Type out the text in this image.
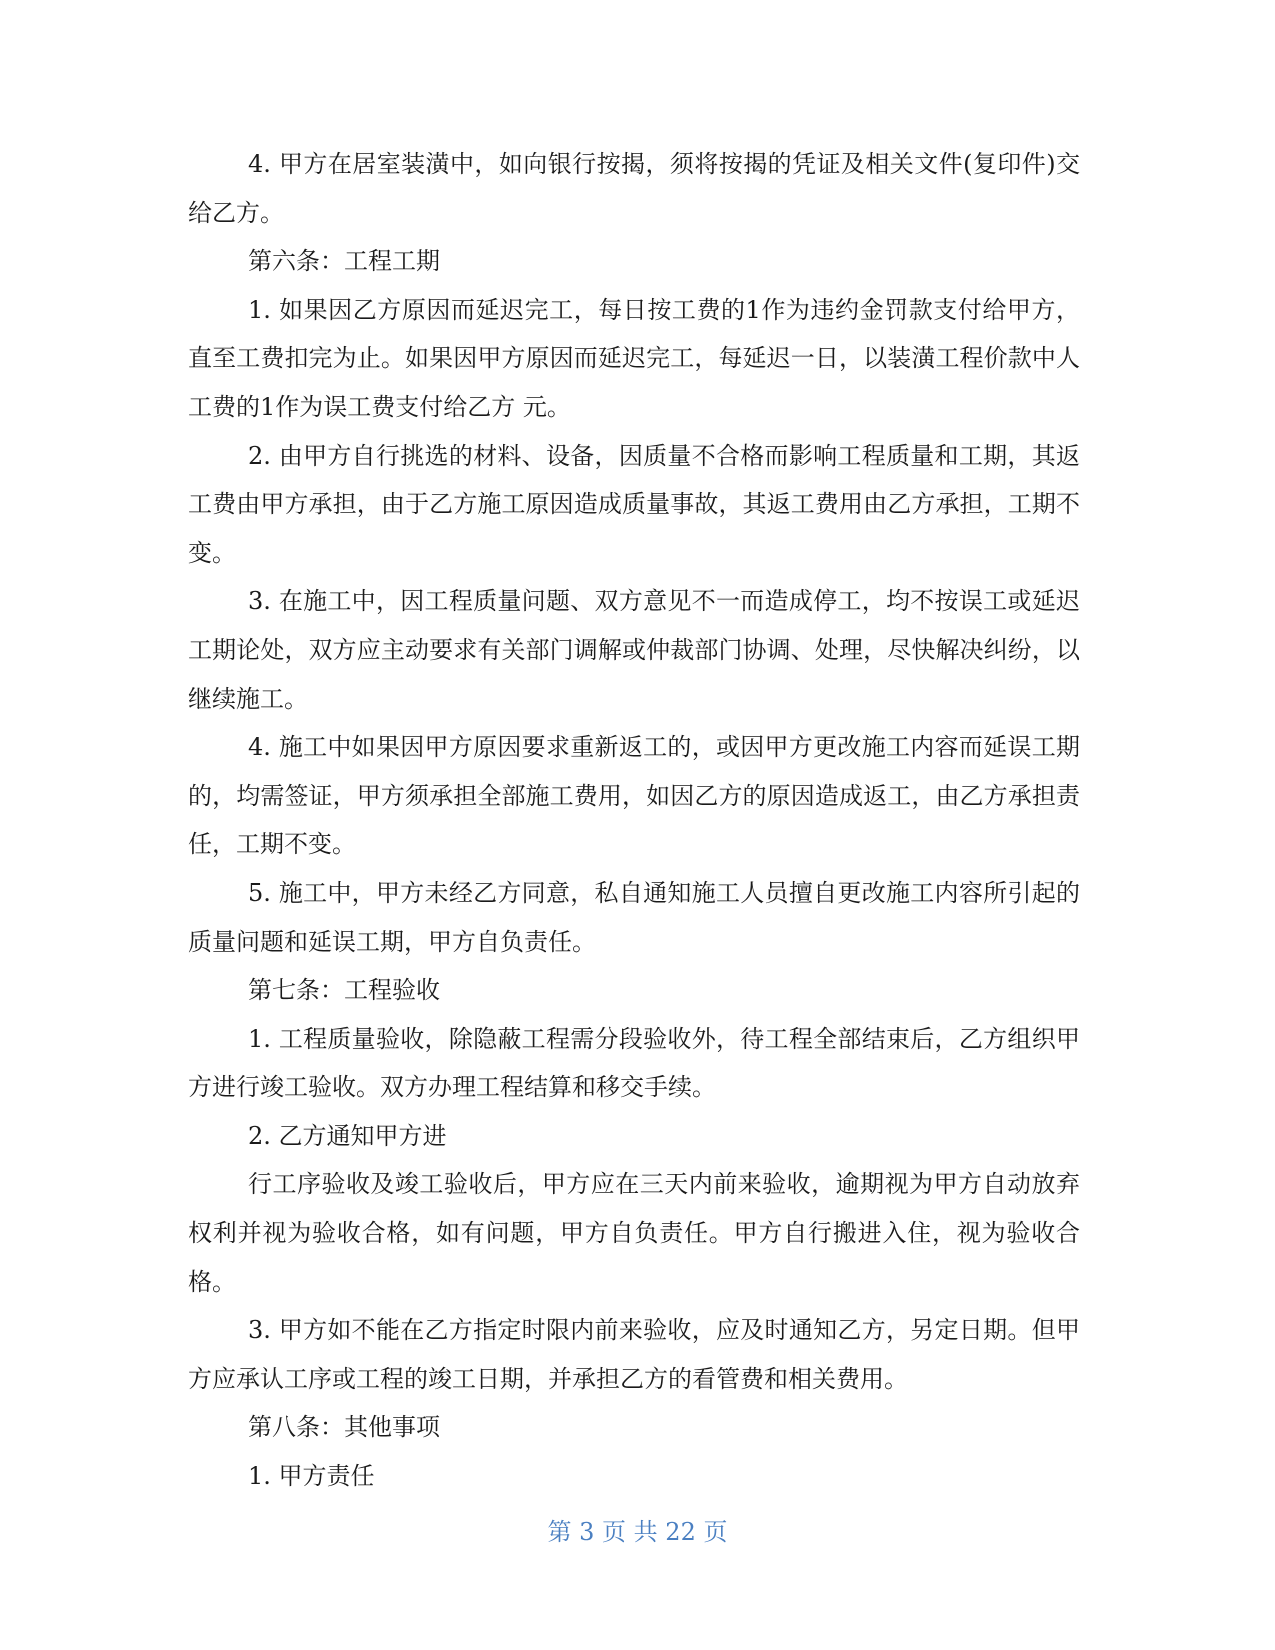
4. 甲方在居室装潢中，如向银行按揭，须将按揭的凭证及相关文件(复印件)交给乙方。

第六条：工程工期

1. 如果因乙方原因而延迟完工，每日按工费的1作为违约金罚款支付给甲方，直至工费扣完为止。如果因甲方原因而延迟完工，每延迟一日，以装潢工程价款中人工费的1作为误工费支付给乙方 元。

2. 由甲方自行挑选的材料、设备，因质量不合格而影响工程质量和工期，其返工费由甲方承担，由于乙方施工原因造成质量事故，其返工费用由乙方承担，工期不变。

3. 在施工中，因工程质量问题、双方意见不一而造成停工，均不按误工或延迟工期论处，双方应主动要求有关部门调解或仲裁部门协调、处理，尽快解决纠纷，以继续施工。

4. 施工中如果因甲方原因要求重新返工的，或因甲方更改施工内容而延误工期的，均需签证，甲方须承担全部施工费用，如因乙方的原因造成返工，由乙方承担责任，工期不变。

5. 施工中，甲方未经乙方同意，私自通知施工人员擅自更改施工内容所引起的质量问题和延误工期，甲方自负责任。

第七条：工程验收

1. 工程质量验收，除隐蔽工程需分段验收外，待工程全部结束后，乙方组织甲方进行竣工验收。双方办理工程结算和移交手续。

2. 乙方通知甲方进

行工序验收及竣工验收后，甲方应在三天内前来验收，逾期视为甲方自动放弃权利并视为验收合格，如有问题，甲方自负责任。甲方自行搬进入住，视为验收合格。

3. 甲方如不能在乙方指定时限内前来验收，应及时通知乙方，另定日期。但甲方应承认工序或工程的竣工日期，并承担乙方的看管费和相关费用。

第八条：其他事项

1. 甲方责任

第 3 页 共 22 页
